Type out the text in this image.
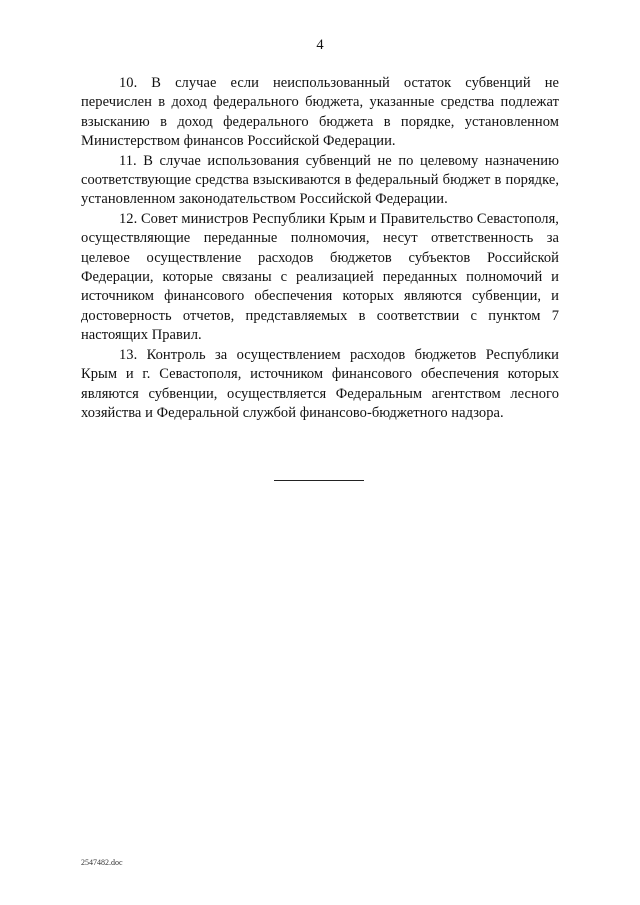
4

10. В случае если неиспользованный остаток субвенций не перечислен в доход федерального бюджета, указанные средства подлежат взысканию в доход федерального бюджета в порядке, установленном Министерством финансов Российской Федерации.

11. В случае использования субвенций не по целевому назначению соответствующие средства взыскиваются в федеральный бюджет в порядке, установленном законодательством Российской Федерации.

12. Совет министров Республики Крым и Правительство Севастополя, осуществляющие переданные полномочия, несут ответственность за целевое осуществление расходов бюджетов субъектов Российской Федерации, которые связаны с реализацией переданных полномочий и источником финансового обеспечения которых являются субвенции, и достоверность отчетов, представляемых в соответствии с пунктом 7 настоящих Правил.

13. Контроль за осуществлением расходов бюджетов Республики Крым и г. Севастополя, источником финансового обеспечения которых являются субвенции, осуществляется Федеральным агентством лесного хозяйства и Федеральной службой финансово-бюджетного надзора.

2547482.doc
